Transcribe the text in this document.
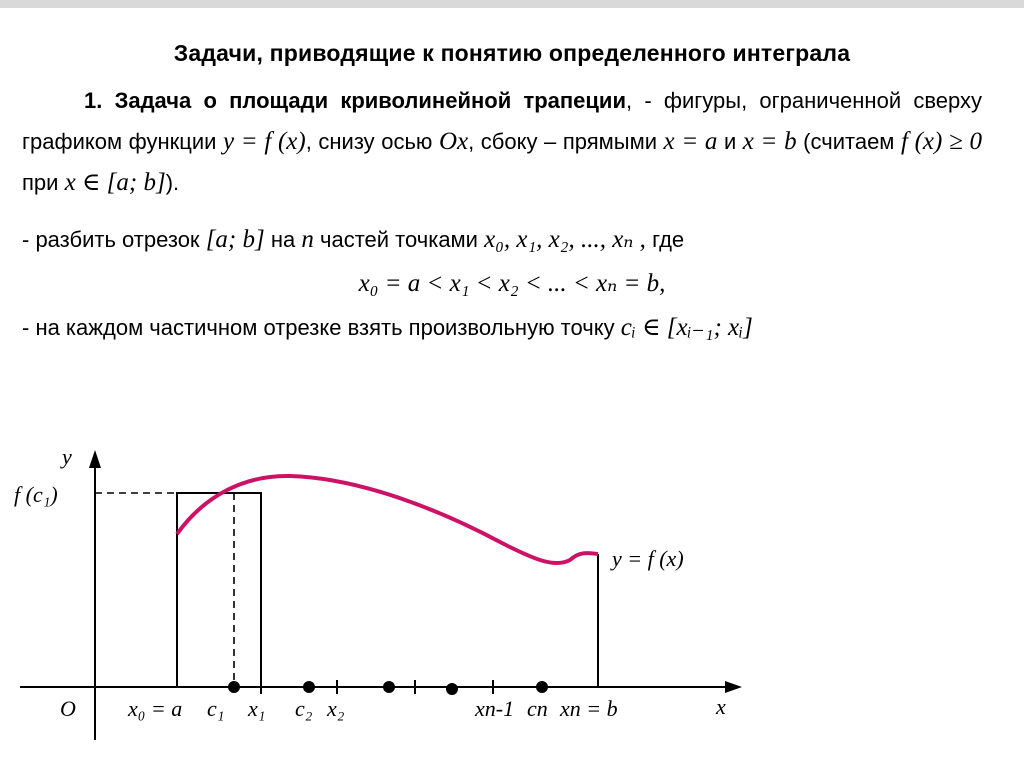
Задачи, приводящие к понятию определенного интеграла
1. Задача о площади криволинейной трапеции, - фигуры, ограниченной сверху графиком функции y = f (x), снизу осью Ox, сбоку – прямыми x = a и x = b (считаем f (x) ≥ 0 при x ∈ [a; b]).
- разбить отрезок [a; b] на n частей точками x₀, x₁, x₂, ..., xₙ , где
x₀ = a < x₁ < x₂ < ... < xₙ = b,
- на каждом частичном отрезке взять произвольную точку cᵢ ∈ [xᵢ₋₁; xᵢ]
y
x
O
f (c₁)
y = f (x)
x₀ = a c₁ x₁ c₂ x₂	xn-1 cn xn = b
